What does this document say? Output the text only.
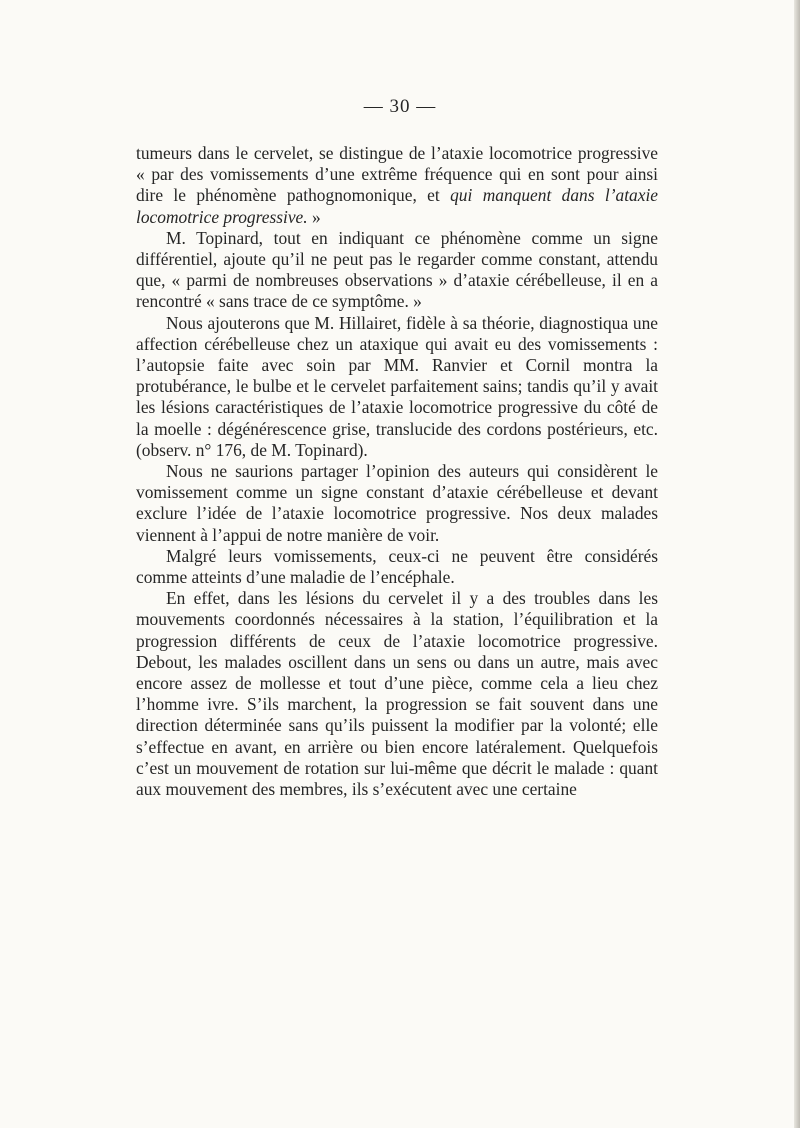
— 30 —

tumeurs dans le cervelet, se distingue de l’ataxie locomotrice progressive « par des vomissements d’une extrême fréquence qui en sont pour ainsi dire le phénomène pathognomonique, et qui manquent dans l’ataxie locomotrice progressive. »

M. Topinard, tout en indiquant ce phénomène comme un signe différentiel, ajoute qu’il ne peut pas le regarder comme constant, attendu que, « parmi de nombreuses observations » d’ataxie cérébelleuse, il en a rencontré « sans trace de ce symptôme. »

Nous ajouterons que M. Hillairet, fidèle à sa théorie, diagnostiqua une affection cérébelleuse chez un ataxique qui avait eu des vomissements : l’autopsie faite avec soin par MM. Ranvier et Cornil montra la protubérance, le bulbe et le cervelet parfaitement sains; tandis qu’il y avait les lésions caractéristiques de l’ataxie locomotrice progressive du côté de la moelle : dégénérescence grise, translucide des cordons postérieurs, etc. (observ. n° 176, de M. Topinard).

Nous ne saurions partager l’opinion des auteurs qui considèrent le vomissement comme un signe constant d’ataxie cérébelleuse et devant exclure l’idée de l’ataxie locomotrice progressive. Nos deux malades viennent à l’appui de notre manière de voir.

Malgré leurs vomissements, ceux-ci ne peuvent être considérés comme atteints d’une maladie de l’encéphale.

En effet, dans les lésions du cervelet il y a des troubles dans les mouvements coordonnés nécessaires à la station, l’équilibration et la progression différents de ceux de l’ataxie locomotrice progressive. Debout, les malades oscillent dans un sens ou dans un autre, mais avec encore assez de mollesse et tout d’une pièce, comme cela a lieu chez l’homme ivre. S’ils marchent, la progression se fait souvent dans une direction déterminée sans qu’ils puissent la modifier par la volonté; elle s’effectue en avant, en arrière ou bien encore latéralement. Quelquefois c’est un mouvement de rotation sur lui-même que décrit le malade : quant aux mouvement des membres, ils s’exécutent avec une certaine
